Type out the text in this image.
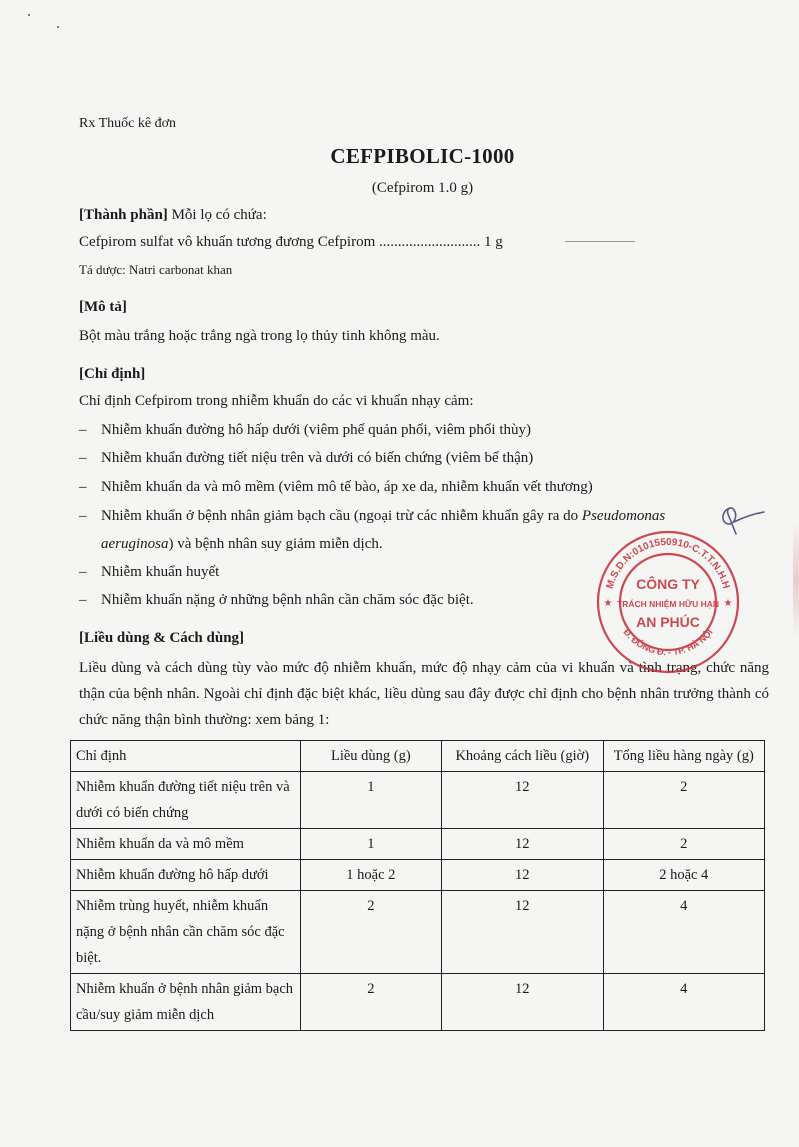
Rx Thuốc kê đơn
CEFPIBOLIC-1000
(Cefpirom 1.0 g)
[Thành phần] Mỗi lọ có chứa:
Cefpirom sulfat vô khuẩn tương đương Cefpirom ........................... 1 g
Tá dược: Natri carbonat khan
[Mô tả]
Bột màu trắng hoặc trắng ngà trong lọ thủy tinh không màu.
[Chỉ định]
Chỉ định Cefpirom trong nhiễm khuẩn do các vi khuẩn nhạy cảm:
– Nhiễm khuẩn đường hô hấp dưới (viêm phế quản phổi, viêm phổi thùy)
– Nhiễm khuẩn đường tiết niệu trên và dưới có biến chứng (viêm bể thận)
– Nhiễm khuẩn da và mô mềm (viêm mô tế bào, áp xe da, nhiễm khuẩn vết thương)
– Nhiễm khuẩn ở bệnh nhân giảm bạch cầu (ngoại trừ các nhiễm khuẩn gây ra do Pseudomonas
aeruginosa) và bệnh nhân suy giảm miễn dịch.
– Nhiễm khuẩn huyết
– Nhiễm khuẩn nặng ở những bệnh nhân cần chăm sóc đặc biệt.
[Liều dùng & Cách dùng]
Liều dùng và cách dùng tùy vào mức độ nhiễm khuẩn, mức độ nhạy cảm của vi khuẩn và tình trạng, chức năng thận của bệnh nhân. Ngoài chỉ định đặc biệt khác, liều dùng sau đây được chỉ định cho bệnh nhân trưởng thành có chức năng thận bình thường: xem bảng 1:
Chỉ định	Liều dùng (g)	Khoảng cách liều (giờ)	Tổng liều hàng ngày (g)
Nhiễm khuẩn đường tiết niệu trên và dưới có biến chứng	1	12	2
Nhiễm khuẩn da và mô mềm	1	12	2
Nhiễm khuẩn đường hô hấp dưới	1 hoặc 2	12	2 hoặc 4
Nhiễm trùng huyết, nhiễm khuẩn nặng ở bệnh nhân cần chăm sóc đặc biệt.	2	12	4
Nhiễm khuẩn ở bệnh nhân giảm bạch cầu/suy giảm miễn dịch	2	12	4
M.S.D.N:0101550910-C.T.T.N.H.H
Đ. ĐÔNG Đ. - TP. HÀ NỘI
CÔNG TY
TRÁCH NHIỆM HỮU HẠN
AN PHÚC
★	★
